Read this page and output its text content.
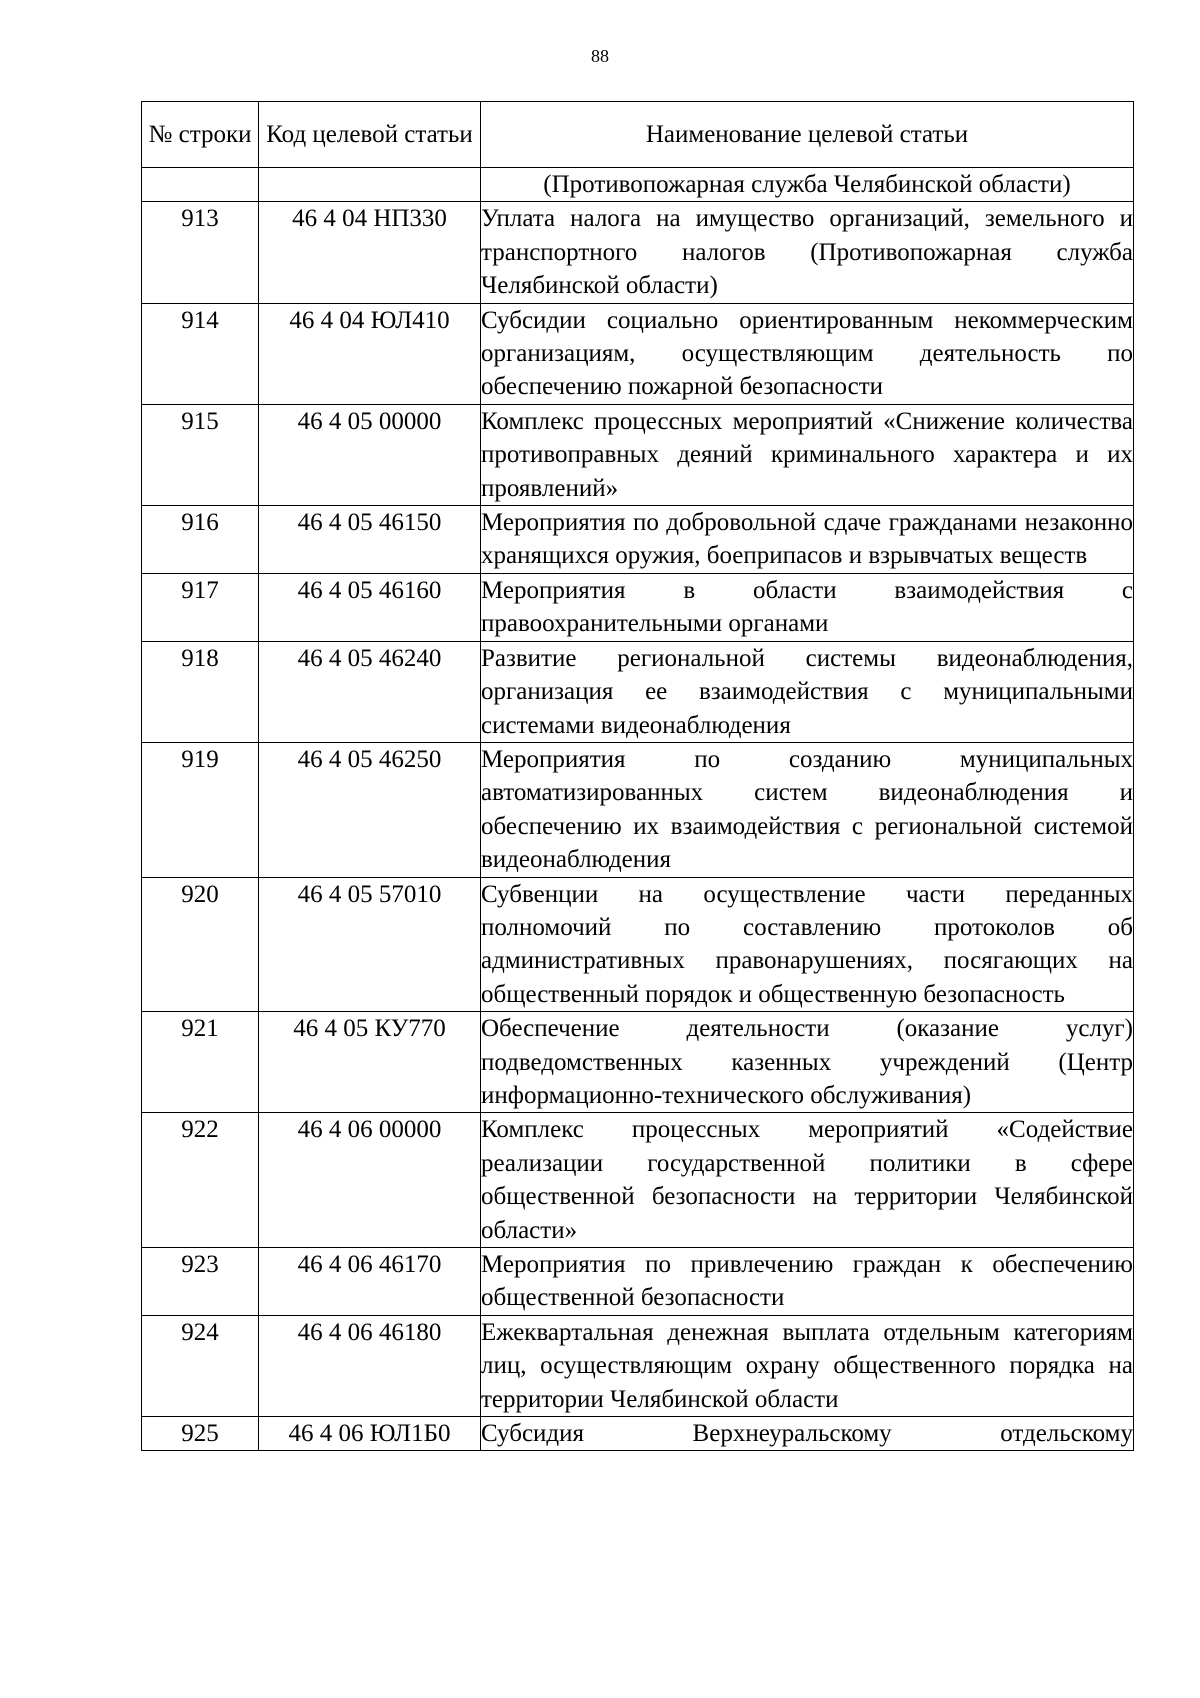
88
№ строки	Код целевой статьи	Наименование целевой статьи
		(Противопожарная служба Челябинской области)
913	46 4 04 НП330	Уплата налога на имущество организаций, земельного и транспортного налогов (Противопожарная служба Челябинской области)
914	46 4 04 ЮЛ410	Субсидии социально ориентированным некоммерческим организациям, осуществляющим деятельность по обеспечению пожарной безопасности
915	46 4 05 00000	Комплекс процессных мероприятий «Снижение количества противоправных деяний криминального характера и их проявлений»
916	46 4 05 46150	Мероприятия по добровольной сдаче гражданами незаконно хранящихся оружия, боеприпасов и взрывчатых веществ
917	46 4 05 46160	Мероприятия в области взаимодействия с правоохранительными органами
918	46 4 05 46240	Развитие региональной системы видеонаблюдения, организация ее взаимодействия с муниципальными системами видеонаблюдения
919	46 4 05 46250	Мероприятия по созданию муниципальных автоматизированных систем видеонаблюдения и обеспечению их взаимодействия с региональной системой видеонаблюдения
920	46 4 05 57010	Субвенции на осуществление части переданных полномочий по составлению протоколов об административных правонарушениях, посягающих на общественный порядок и общественную безопасность
921	46 4 05 КУ770	Обеспечение деятельности (оказание услуг) подведомственных казенных учреждений (Центр информационно-технического обслуживания)
922	46 4 06 00000	Комплекс процессных мероприятий «Содействие реализации государственной политики в сфере общественной безопасности на территории Челябинской области»
923	46 4 06 46170	Мероприятия по привлечению граждан к обеспечению общественной безопасности
924	46 4 06 46180	Ежеквартальная денежная выплата отдельным категориям лиц, осуществляющим охрану общественного порядка на территории Челябинской области
925	46 4 06 ЮЛ1Б0	Субсидия Верхнеуральскому отдельскому
